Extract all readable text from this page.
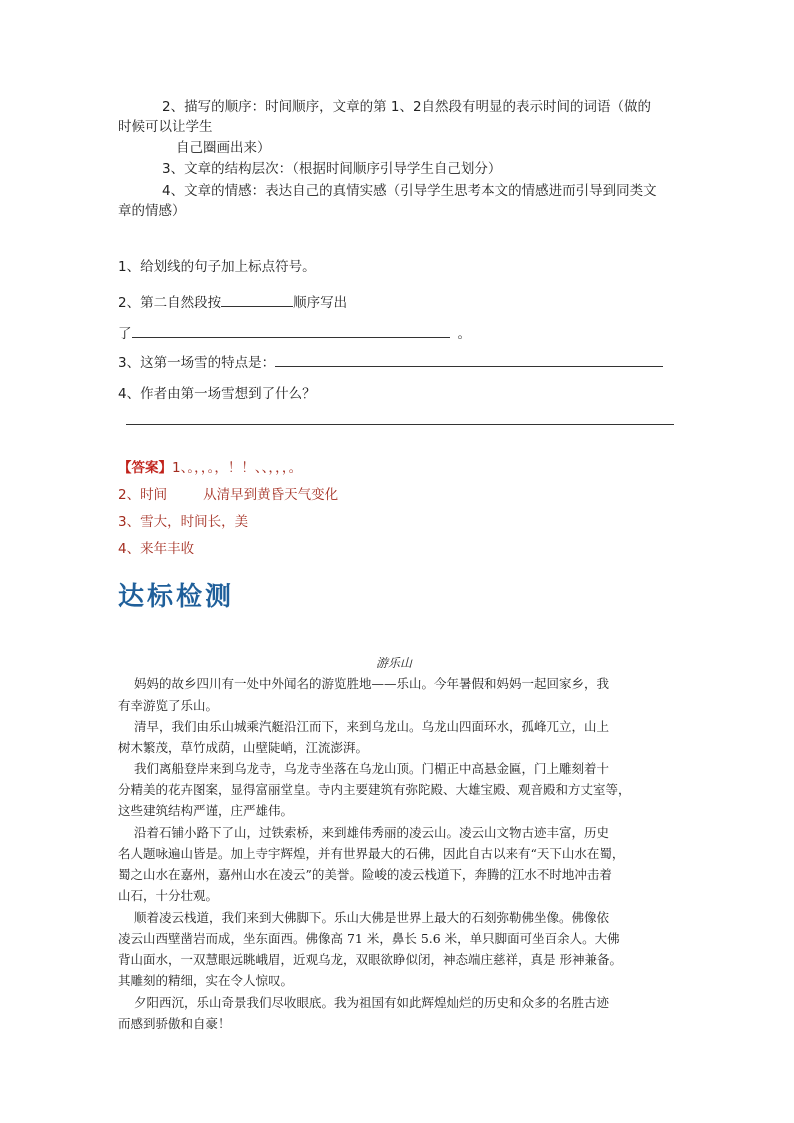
2、描写的顺序：时间顺序，文章的第 1、2自然段有明显的表示时间的词语（做的
时候可以让学生
自己圈画出来）
3、文章的结构层次：（根据时间顺序引导学生自己划分）
4、文章的情感：表达自己的真情实感（引导学生思考本文的情感进而引导到同类文
章的情感）
1、给划线的句子加上标点符号。
2、第二自然段按	顺序写出
了	。
3、这第一场雪的特点是：
4、作者由第一场雪想到了什么？
【答案】1、。，，。，！！、、，，，。
2、时间	从清早到黄昏天气变化
3、雪大，时间长，美
4、来年丰收
达标检测
游乐山
妈妈的故乡四川有一处中外闻名的游览胜地——乐山。今年暑假和妈妈一起回家乡，我
有幸游览了乐山。
清早，我们由乐山城乘汽艇沿江而下，来到乌龙山。乌龙山四面环水，孤峰兀立，山上
树木繁茂，草竹成荫，山壁陡峭，江流澎湃。
我们离船登岸来到乌龙寺，乌龙寺坐落在乌龙山顶。门楣正中高悬金匾，门上雕刻着十
分精美的花卉图案，显得富丽堂皇。寺内主要建筑有弥陀殿、大雄宝殿、观音殿和方丈室等，
这些建筑结构严谨，庄严雄伟。
沿着石铺小路下了山，过铁索桥，来到雄伟秀丽的凌云山。凌云山文物古迹丰富，历史
名人题咏遍山皆是。加上寺宇辉煌，并有世界最大的石佛，因此自古以来有“天下山水在蜀，
蜀之山水在嘉州，嘉州山水在凌云”的美誉。险峻的凌云栈道下，奔腾的江水不时地冲击着
山石，十分壮观。
顺着凌云栈道，我们来到大佛脚下。乐山大佛是世界上最大的石刻弥勒佛坐像。佛像依
凌云山西壁凿岩而成，坐东面西。佛像高 71 米，鼻长 5.6 米，单只脚面可坐百余人。大佛
背山面水，一双慧眼远眺峨眉，近观乌龙，双眼欲睁似闭，神态端庄慈祥，真是 形神兼备。
其雕刻的精细，实在令人惊叹。
夕阳西沉，乐山奇景我们尽收眼底。我为祖国有如此辉煌灿烂的历史和众多的名胜古迹
而感到骄傲和自豪！
